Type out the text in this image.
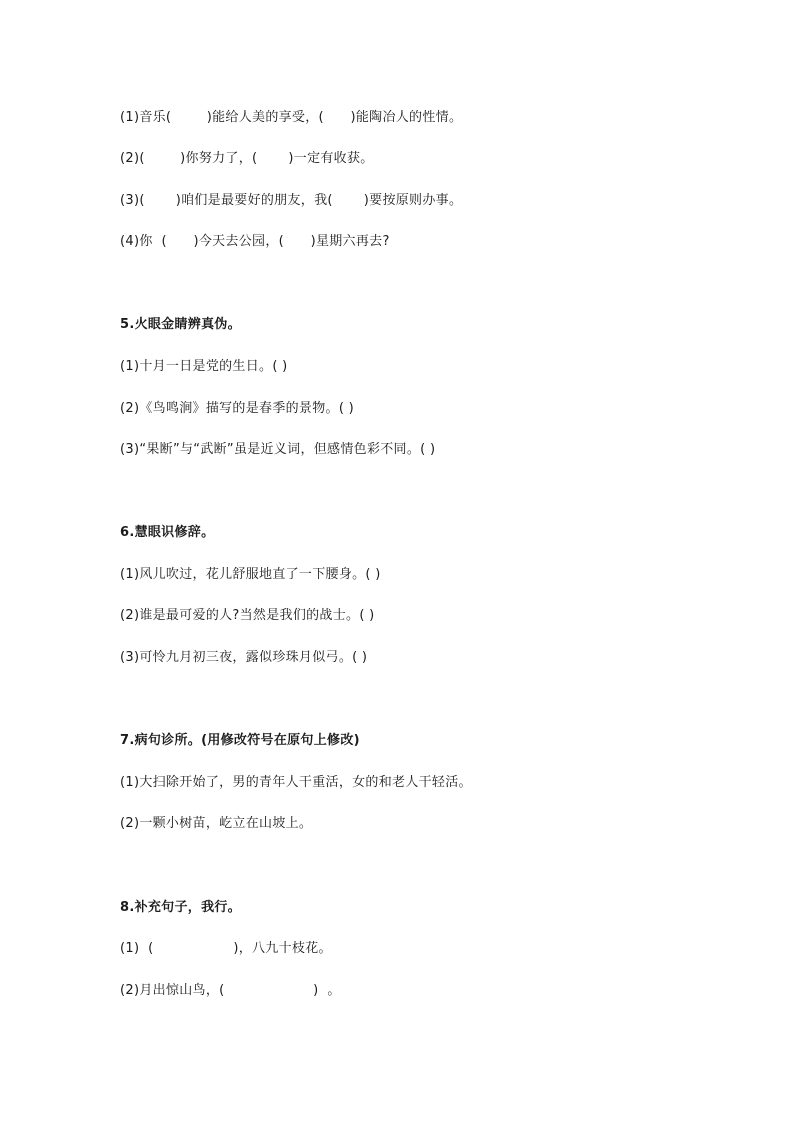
(1)音乐(        )能给人美的享受，(      )能陶冶人的性情。
(2)(        )你努力了，(       )一定有收获。
(3)(       )咱们是最要好的朋友，我(       )要按原则办事。
(4)你  (      )今天去公园，(      )星期六再去?
5.火眼金睛辨真伪。
(1)十月一日是党的生日。( )
(2)《鸟鸣涧》描写的是春季的景物。( )
(3)“果断”与“武断”虽是近义词，但感情色彩不同。( )
6.慧眼识修辞。
(1)风儿吹过，花儿舒服地直了一下腰身。( )
(2)谁是最可爱的人?当然是我们的战士。( )
(3)可怜九月初三夜，露似珍珠月似弓。( )
7.病句诊所。(用修改符号在原句上修改)
(1)大扫除开始了，男的青年人干重活，女的和老人干轻活。
(2)一颗小树苗，屹立在山坡上。
8.补充句子，我行。
(1)  (                  )，八九十枝花。
(2)月出惊山鸟，(                    )  。
